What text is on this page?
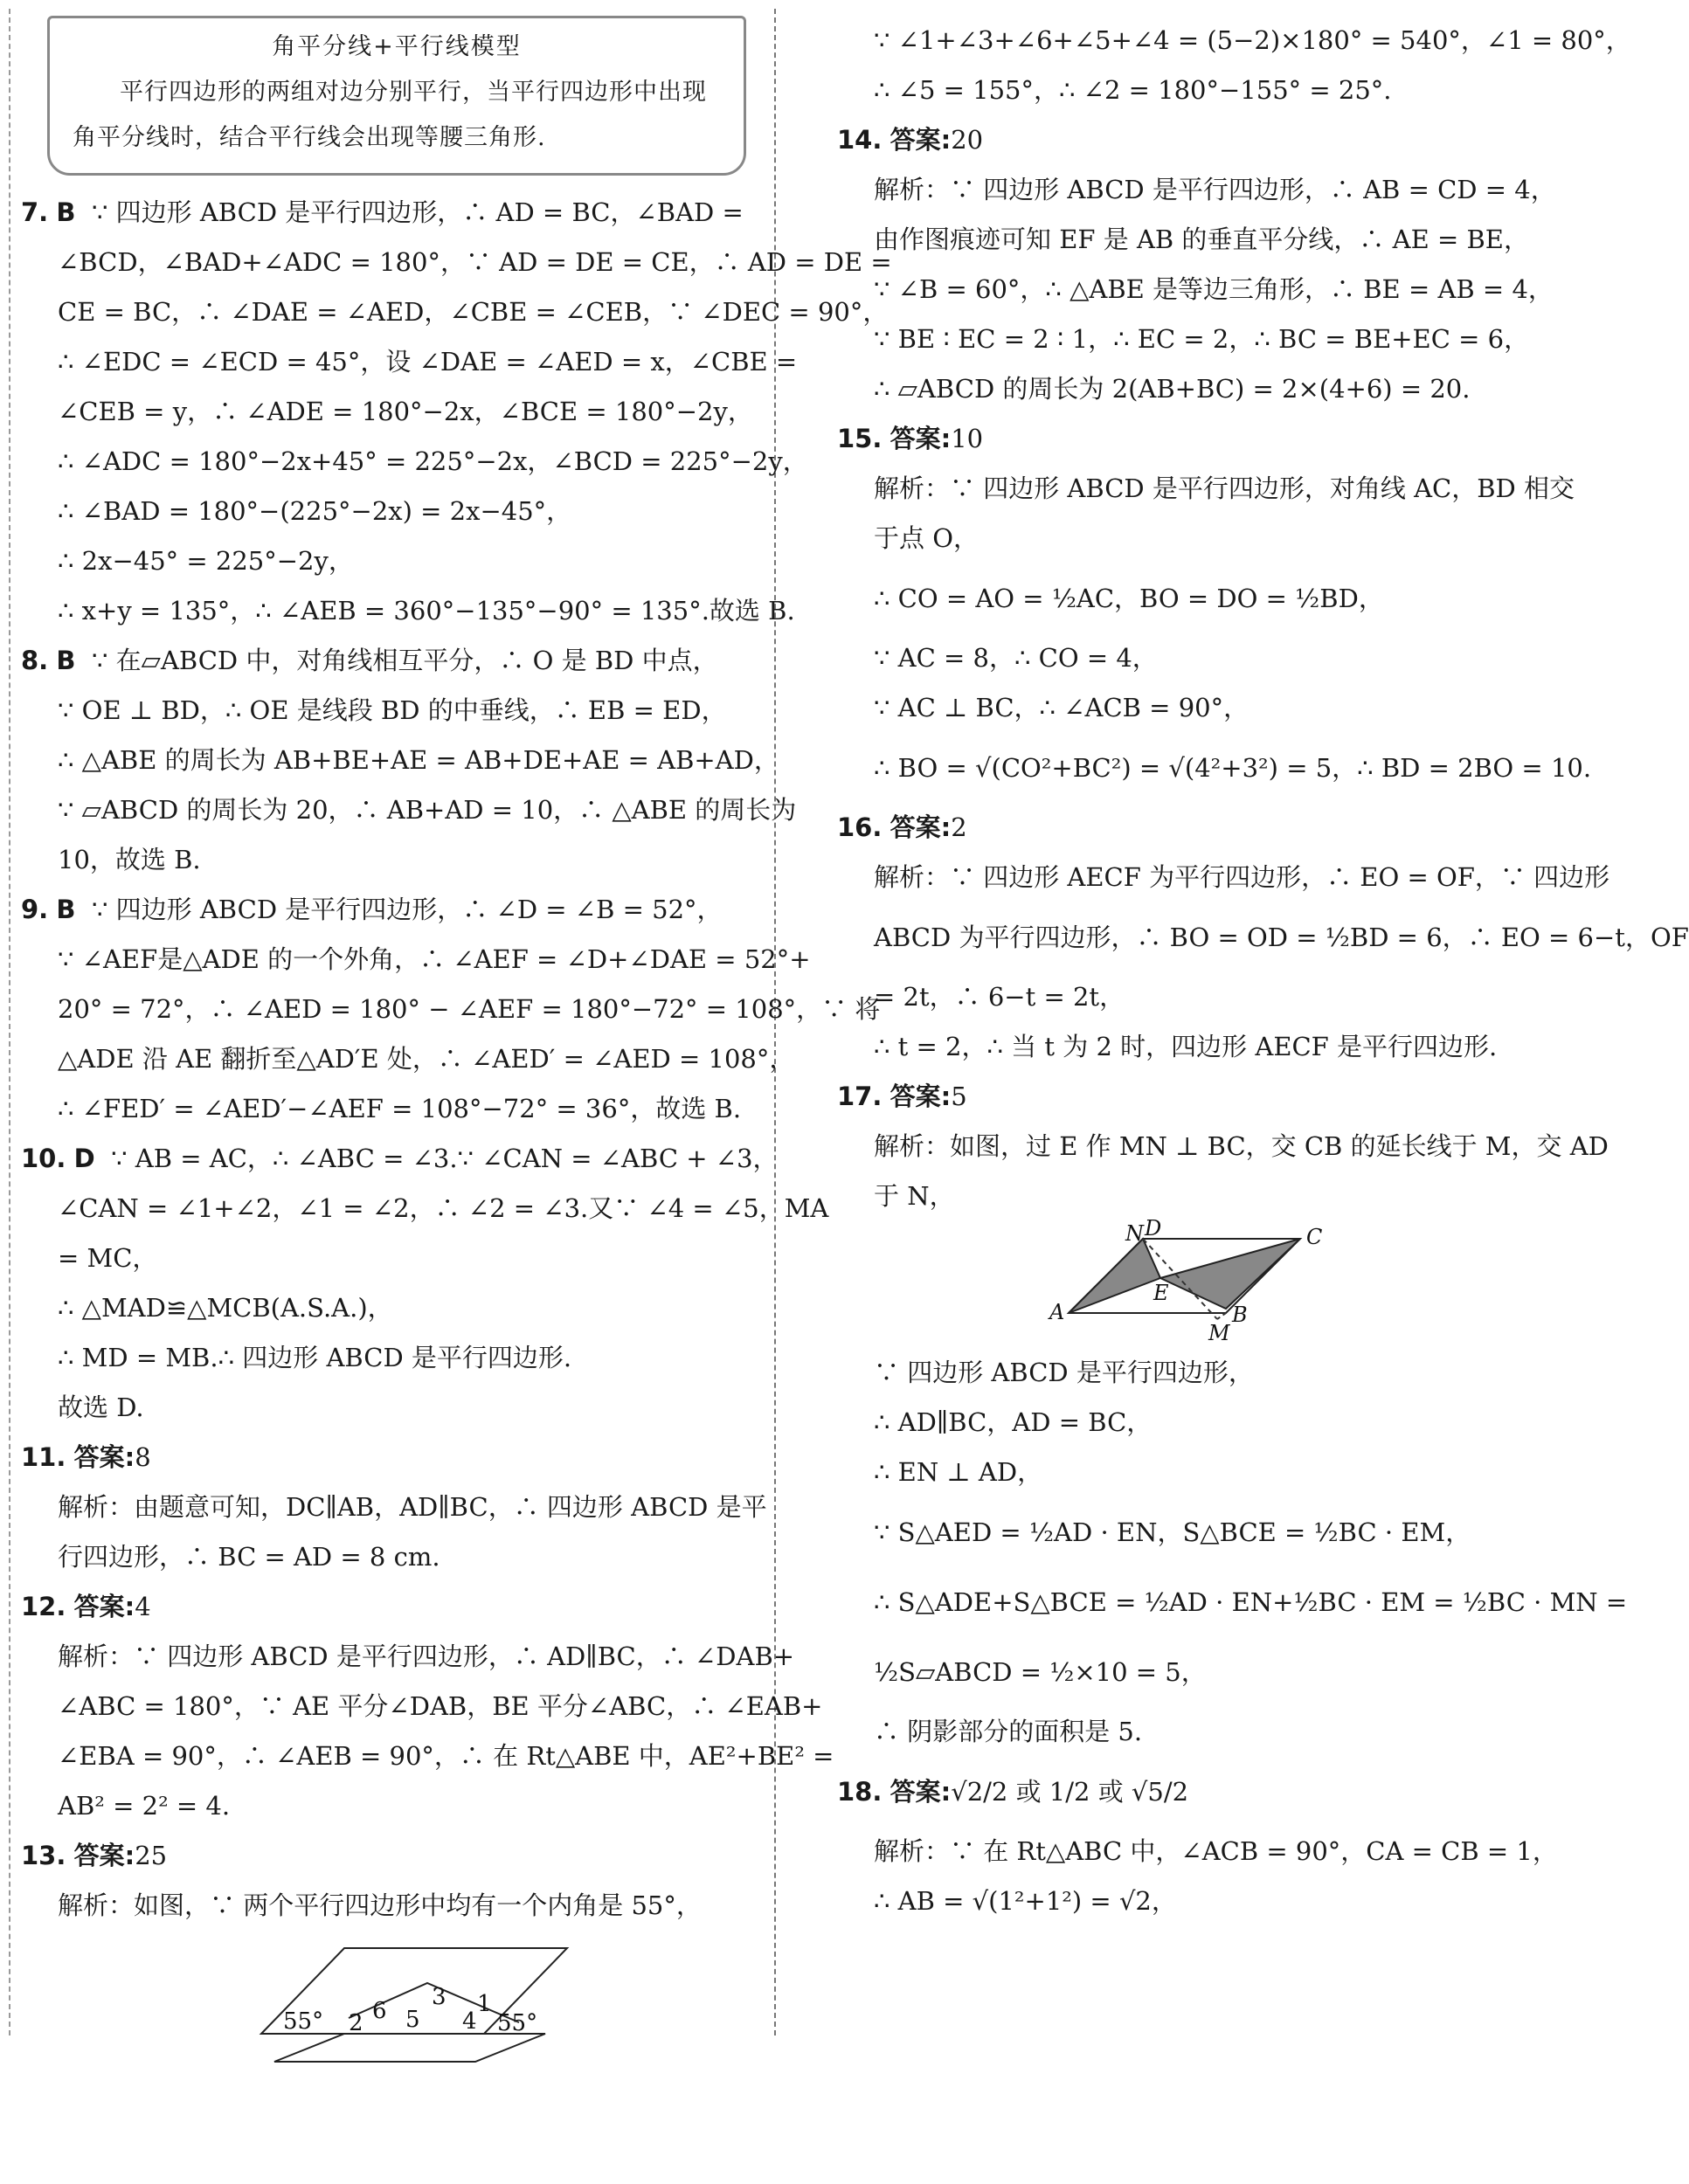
角平分线+平行线模型
平行四边形的两组对边分别平行，当平行四边形中出现角平分线时，结合平行线会出现等腰三角形.
7. B ∵ 四边形 ABCD 是平行四边形，∴ AD = BC，∠BAD =
∠BCD，∠BAD+∠ADC = 180°，∵ AD = DE = CE，∴ AD = DE =
CE = BC，∴ ∠DAE = ∠AED，∠CBE = ∠CEB，∵ ∠DEC = 90°，
∴ ∠EDC = ∠ECD = 45°，设 ∠DAE = ∠AED = x，∠CBE =
∠CEB = y，∴ ∠ADE = 180°−2x，∠BCE = 180°−2y，
∴ ∠ADC = 180°−2x+45° = 225°−2x，∠BCD = 225°−2y，
∴ ∠BAD = 180°−(225°−2x) = 2x−45°，
∴ 2x−45° = 225°−2y，
∴ x+y = 135°，∴ ∠AEB = 360°−135°−90° = 135°.故选 B.
8. B ∵ 在▱ABCD 中，对角线相互平分，∴ O 是 BD 中点，
∵ OE ⊥ BD，∴ OE 是线段 BD 的中垂线，∴ EB = ED，
∴ △ABE 的周长为 AB+BE+AE = AB+DE+AE = AB+AD，
∵ ▱ABCD 的周长为 20，∴ AB+AD = 10，∴ △ABE 的周长为
10，故选 B.
9. B ∵ 四边形 ABCD 是平行四边形，∴ ∠D = ∠B = 52°，
∵ ∠AEF是△ADE 的一个外角，∴ ∠AEF = ∠D+∠DAE = 52°+
20° = 72°，∴ ∠AED = 180° − ∠AEF = 180°−72° = 108°，∵ 将
△ADE 沿 AE 翻折至△AD′E 处，∴ ∠AED′ = ∠AED = 108°，
∴ ∠FED′ = ∠AED′−∠AEF = 108°−72° = 36°，故选 B.
10. D ∵ AB = AC，∴ ∠ABC = ∠3.∵ ∠CAN = ∠ABC + ∠3，
∠CAN = ∠1+∠2，∠1 = ∠2，∴ ∠2 = ∠3.又∵ ∠4 = ∠5，MA
= MC，
∴ △MAD≌△MCB(A.S.A.)，
∴ MD = MB.∴ 四边形 ABCD 是平行四边形.
故选 D.
11. 答案:8
解析：由题意可知，DC∥AB，AD∥BC，∴ 四边形 ABCD 是平
行四边形，∴ BC = AD = 8 cm.
12. 答案:4
解析：∵ 四边形 ABCD 是平行四边形，∴ AD∥BC，∴ ∠DAB+
∠ABC = 180°，∵ AE 平分∠DAB，BE 平分∠ABC，∴ ∠EAB+
∠EBA = 90°，∴ ∠AEB = 90°，∴ 在 Rt△ABE 中，AE²+BE² =
AB² = 2² = 4.
13. 答案:25
解析：如图，∵ 两个平行四边形中均有一个内角是 55°，
55° 2 6 5
3 1
4 55°
∵ ∠1+∠3+∠6+∠5+∠4 = (5−2)×180° = 540°，∠1 = 80°，
∴ ∠5 = 155°，∴ ∠2 = 180°−155° = 25°.
14. 答案:20
解析：∵ 四边形 ABCD 是平行四边形，∴ AB = CD = 4，
由作图痕迹可知 EF 是 AB 的垂直平分线，∴ AE = BE，
∵ ∠B = 60°，∴ △ABE 是等边三角形，∴ BE = AB = 4，
∵ BE ∶ EC = 2 ∶ 1，∴ EC = 2，∴ BC = BE+EC = 6，
∴ ▱ABCD 的周长为 2(AB+BC) = 2×(4+6) = 20.
15. 答案:10
解析：∵ 四边形 ABCD 是平行四边形，对角线 AC，BD 相交
于点 O，
∴ CO = AO = ½AC，BO = DO = ½BD，
∵ AC = 8，∴ CO = 4，
∵ AC ⊥ BC，∴ ∠ACB = 90°，
∴ BO = √(CO²+BC²) = √(4²+3²) = 5，∴ BD = 2BO = 10.
16. 答案:2
解析：∵ 四边形 AECF 为平行四边形，∴ EO = OF，∵ 四边形
ABCD 为平行四边形，∴ BO = OD = ½BD = 6，∴ EO = 6−t，OF
= 2t，∴ 6−t = 2t，
∴ t = 2，∴ 当 t 为 2 时，四边形 AECF 是平行四边形.
17. 答案:5
解析：如图，过 E 作 MN ⊥ BC，交 CB 的延长线于 M，交 AD
于 N，
N D	C
E
A	B
M
∵ 四边形 ABCD 是平行四边形，
∴ AD∥BC，AD = BC，
∴ EN ⊥ AD，
∵ S△AED = ½AD · EN，S△BCE = ½BC · EM，
∴ S△ADE+S△BCE = ½AD · EN+½BC · EM = ½BC · MN =
½S▱ABCD = ½×10 = 5，
∴ 阴影部分的面积是 5.
18. 答案:√2/2 或 1/2 或 √5/2
解析：∵ 在 Rt△ABC 中，∠ACB = 90°，CA = CB = 1，
∴ AB = √(1²+1²) = √2，
